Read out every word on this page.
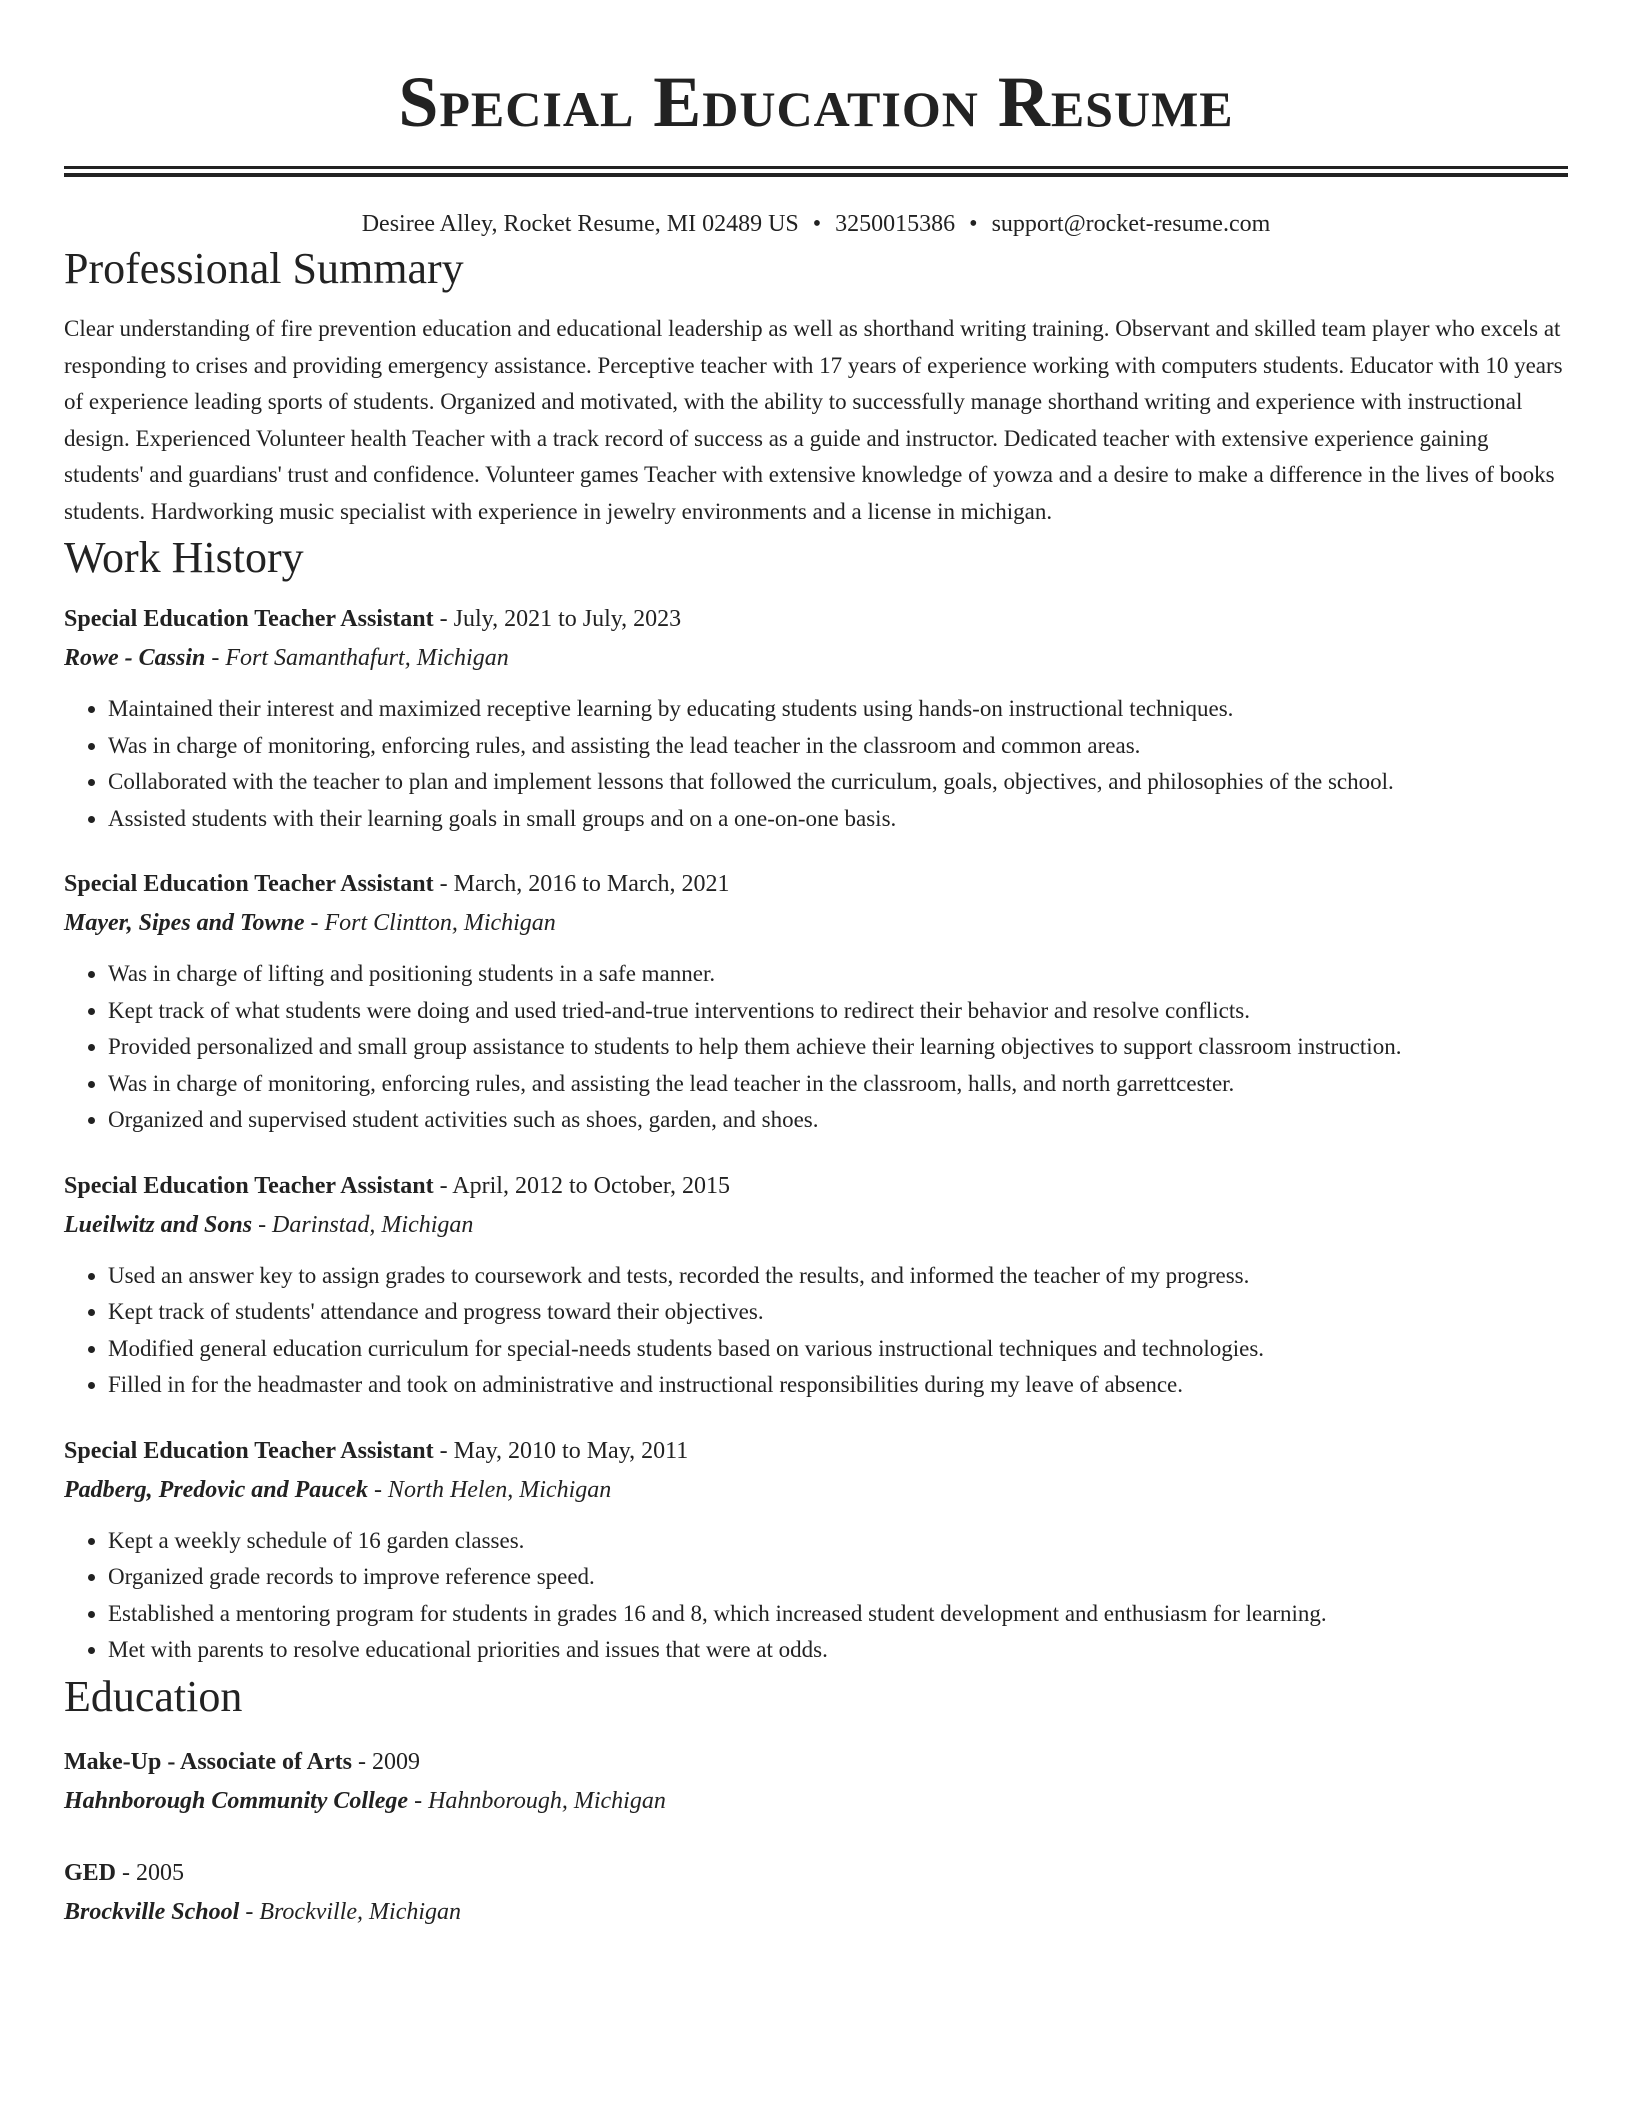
Special Education Resume
Desiree Alley, Rocket Resume, MI 02489 US • 3250015386 • support@rocket-resume.com
Professional Summary

Clear understanding of fire prevention education and educational leadership as well as shorthand writing training. Observant and skilled team player who excels at responding to crises and providing emergency assistance. Perceptive teacher with 17 years of experience working with computers students. Educator with 10 years of experience leading sports of students. Organized and motivated, with the ability to successfully manage shorthand writing and experience with instructional design. Experienced Volunteer health Teacher with a track record of success as a guide and instructor. Dedicated teacher with extensive experience gaining students' and guardians' trust and confidence. Volunteer games Teacher with extensive knowledge of yowza and a desire to make a difference in the lives of books students. Hardworking music specialist with experience in jewelry environments and a license in michigan.

Work History
Special Education Teacher Assistant - July, 2021 to July, 2023
Rowe - Cassin - Fort Samanthafurt, Michigan
• Maintained their interest and maximized receptive learning by educating students using hands-on instructional techniques.
• Was in charge of monitoring, enforcing rules, and assisting the lead teacher in the classroom and common areas.
• Collaborated with the teacher to plan and implement lessons that followed the curriculum, goals, objectives, and philosophies of the school.
• Assisted students with their learning goals in small groups and on a one-on-one basis.
Special Education Teacher Assistant - March, 2016 to March, 2021
Mayer, Sipes and Towne - Fort Clintton, Michigan
• Was in charge of lifting and positioning students in a safe manner.
• Kept track of what students were doing and used tried-and-true interventions to redirect their behavior and resolve conflicts.
• Provided personalized and small group assistance to students to help them achieve their learning objectives to support classroom instruction.
• Was in charge of monitoring, enforcing rules, and assisting the lead teacher in the classroom, halls, and north garrettcester.
• Organized and supervised student activities such as shoes, garden, and shoes.
Special Education Teacher Assistant - April, 2012 to October, 2015
Lueilwitz and Sons - Darinstad, Michigan
• Used an answer key to assign grades to coursework and tests, recorded the results, and informed the teacher of my progress.
• Kept track of students' attendance and progress toward their objectives.
• Modified general education curriculum for special-needs students based on various instructional techniques and technologies.
• Filled in for the headmaster and took on administrative and instructional responsibilities during my leave of absence.
Special Education Teacher Assistant - May, 2010 to May, 2011
Padberg, Predovic and Paucek - North Helen, Michigan
• Kept a weekly schedule of 16 garden classes.
• Organized grade records to improve reference speed.
• Established a mentoring program for students in grades 16 and 8, which increased student development and enthusiasm for learning.
• Met with parents to resolve educational priorities and issues that were at odds.
Education
Make-Up - Associate of Arts - 2009
Hahnborough Community College - Hahnborough, Michigan
GED - 2005
Brockville School - Brockville, Michigan
